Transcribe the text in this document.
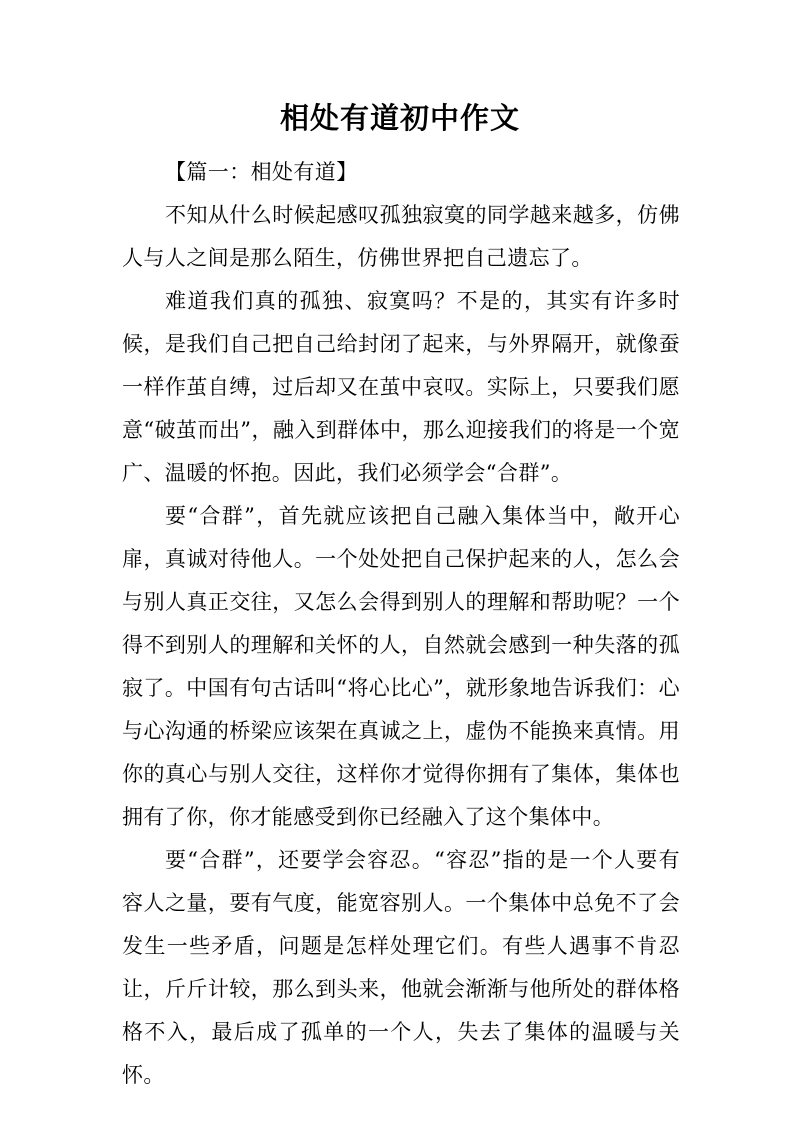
相处有道初中作文

【篇一：相处有道】

不知从什么时候起感叹孤独寂寞的同学越来越多，仿佛人与人之间是那么陌生，仿佛世界把自己遗忘了。

难道我们真的孤独、寂寞吗？不是的，其实有许多时候，是我们自己把自己给封闭了起来，与外界隔开，就像蚕一样作茧自缚，过后却又在茧中哀叹。实际上，只要我们愿意“破茧而出”，融入到群体中，那么迎接我们的将是一个宽广、温暖的怀抱。因此，我们必须学会“合群”。

要“合群”，首先就应该把自己融入集体当中，敞开心扉，真诚对待他人。一个处处把自己保护起来的人，怎么会与别人真正交往，又怎么会得到别人的理解和帮助呢？一个得不到别人的理解和关怀的人，自然就会感到一种失落的孤寂了。中国有句古话叫“将心比心”，就形象地告诉我们：心与心沟通的桥梁应该架在真诚之上，虚伪不能换来真情。用你的真心与别人交往，这样你才觉得你拥有了集体，集体也拥有了你，你才能感受到你已经融入了这个集体中。

要“合群”，还要学会容忍。“容忍”指的是一个人要有容人之量，要有气度，能宽容别人。一个集体中总免不了会发生一些矛盾，问题是怎样处理它们。有些人遇事不肯忍让，斤斤计较，那么到头来，他就会渐渐与他所处的群体格格不入，最后成了孤单的一个人，失去了集体的温暖与关怀。
